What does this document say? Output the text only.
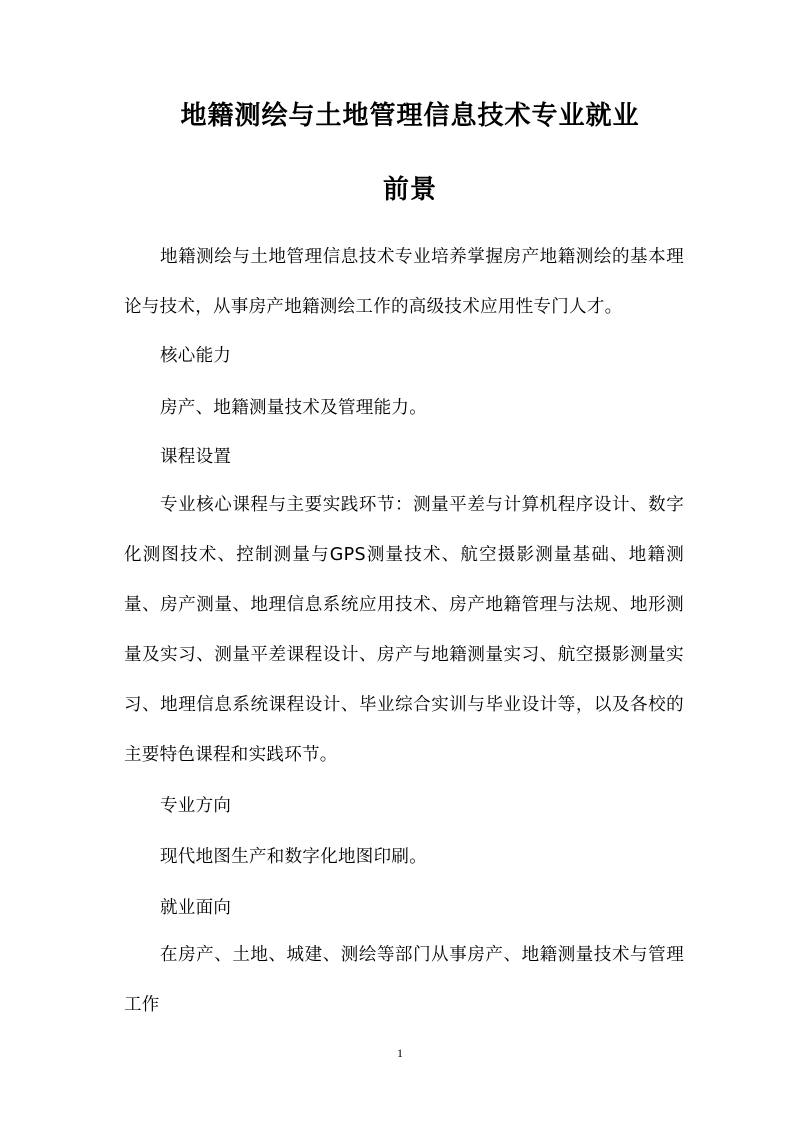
地籍测绘与土地管理信息技术专业就业
前景
地籍测绘与土地管理信息技术专业培养掌握房产地籍测绘的基本理论与技术，从事房产地籍测绘工作的高级技术应用性专门人才。
核心能力
房产、地籍测量技术及管理能力。
课程设置
专业核心课程与主要实践环节：测量平差与计算机程序设计、数字化测图技术、控制测量与GPS测量技术、航空摄影测量基础、地籍测量、房产测量、地理信息系统应用技术、房产地籍管理与法规、地形测量及实习、测量平差课程设计、房产与地籍测量实习、航空摄影测量实习、地理信息系统课程设计、毕业综合实训与毕业设计等，以及各校的主要特色课程和实践环节。
专业方向
现代地图生产和数字化地图印刷。
就业面向
在房产、土地、城建、测绘等部门从事房产、地籍测量技术与管理工作
1
